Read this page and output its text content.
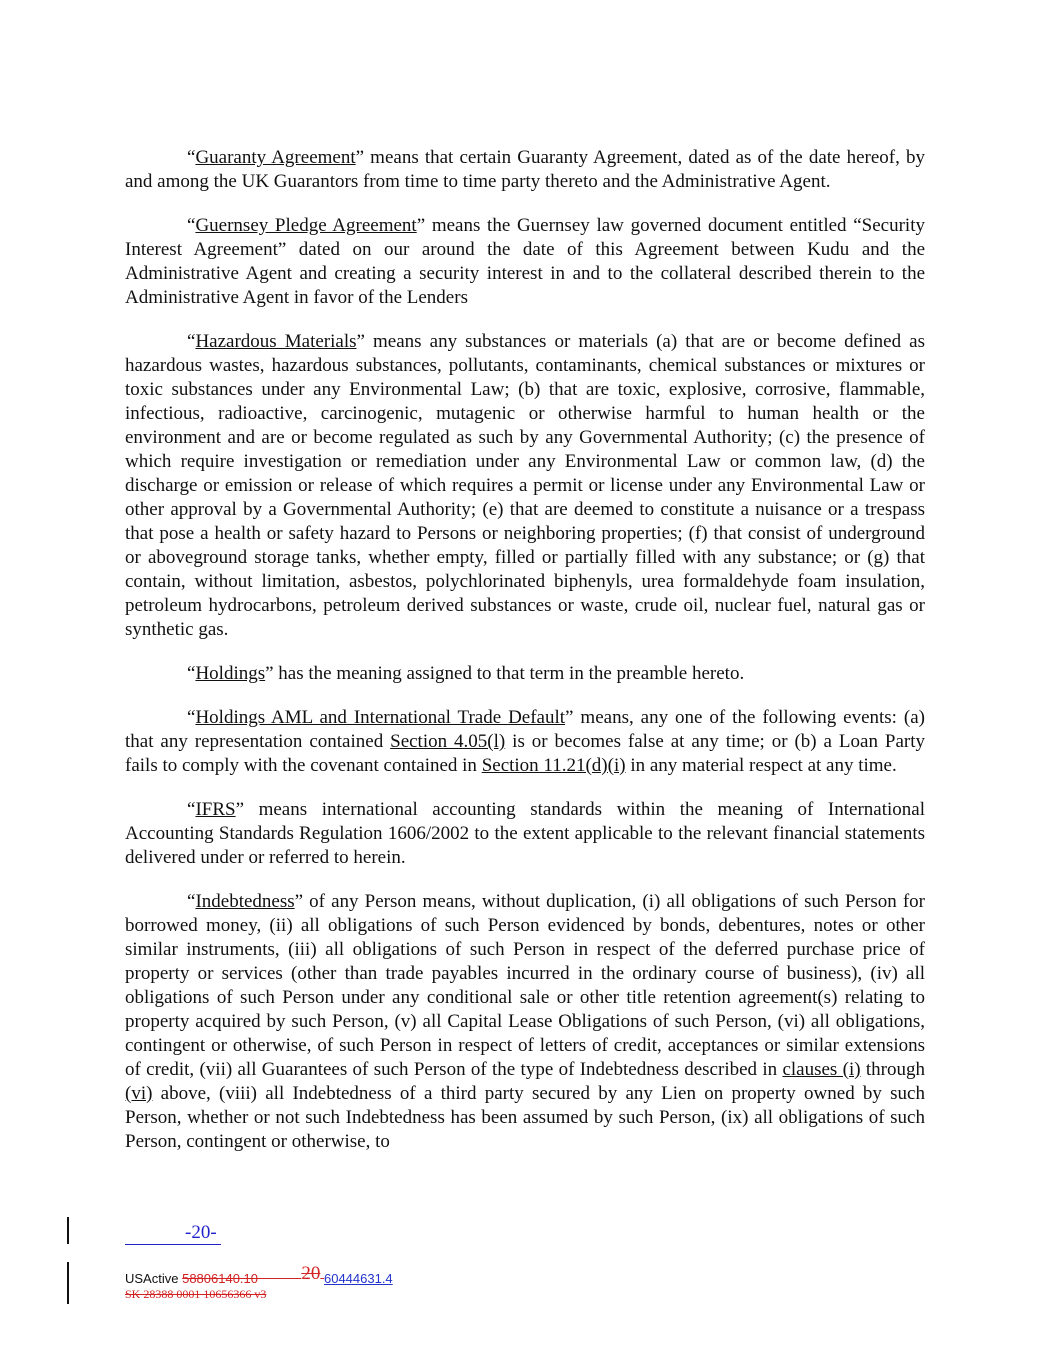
“Guaranty Agreement” means that certain Guaranty Agreement, dated as of the date hereof, by and among the UK Guarantors from time to time party thereto and the Administrative Agent.

“Guernsey Pledge Agreement” means the Guernsey law governed document entitled “Security Interest Agreement” dated on our around the date of this Agreement between Kudu and the Administrative Agent and creating a security interest in and to the collateral described therein to the Administrative Agent in favor of the Lenders

“Hazardous Materials” means any substances or materials (a) that are or become defined as hazardous wastes, hazardous substances, pollutants, contaminants, chemical substances or mixtures or toxic substances under any Environmental Law; (b) that are toxic, explosive, corrosive, flammable, infectious, radioactive, carcinogenic, mutagenic or otherwise harmful to human health or the environment and are or become regulated as such by any Governmental Authority; (c) the presence of which require investigation or remediation under any Environmental Law or common law, (d) the discharge or emission or release of which requires a permit or license under any Environmental Law or other approval by a Governmental Authority; (e) that are deemed to constitute a nuisance or a trespass that pose a health or safety hazard to Persons or neighboring properties; (f) that consist of underground or aboveground storage tanks, whether empty, filled or partially filled with any substance; or (g) that contain, without limitation, asbestos, polychlorinated biphenyls, urea formaldehyde foam insulation, petroleum hydrocarbons, petroleum derived substances or waste, crude oil, nuclear fuel, natural gas or synthetic gas.

“Holdings” has the meaning assigned to that term in the preamble hereto.

“Holdings AML and International Trade Default” means, any one of the following events: (a) that any representation contained Section 4.05(l) is or becomes false at any time; or (b) a Loan Party fails to comply with the covenant contained in Section 11.21(d)(i) in any material respect at any time.

“IFRS” means international accounting standards within the meaning of International Accounting Standards Regulation 1606/2002 to the extent applicable to the relevant financial statements delivered under or referred to herein.

“Indebtedness” of any Person means, without duplication, (i) all obligations of such Person for borrowed money, (ii) all obligations of such Person evidenced by bonds, debentures, notes or other similar instruments, (iii) all obligations of such Person in respect of the deferred purchase price of property or services (other than trade payables incurred in the ordinary course of business), (iv) all obligations of such Person under any conditional sale or other title retention agreement(s) relating to property acquired by such Person, (v) all Capital Lease Obligations of such Person, (vi) all obligations, contingent or otherwise, of such Person in respect of letters of credit, acceptances or similar extensions of credit, (vii) all Guarantees of such Person of the type of Indebtedness described in clauses (i) through (vi) above, (viii) all Indebtedness of a third party secured by any Lien on property owned by such Person, whether or not such Indebtedness has been assumed by such Person, (ix) all obligations of such Person, contingent or otherwise, to

-20-
USActive 58806140.10 20 60444631.4
SK 28388 0001 10656366 v3
